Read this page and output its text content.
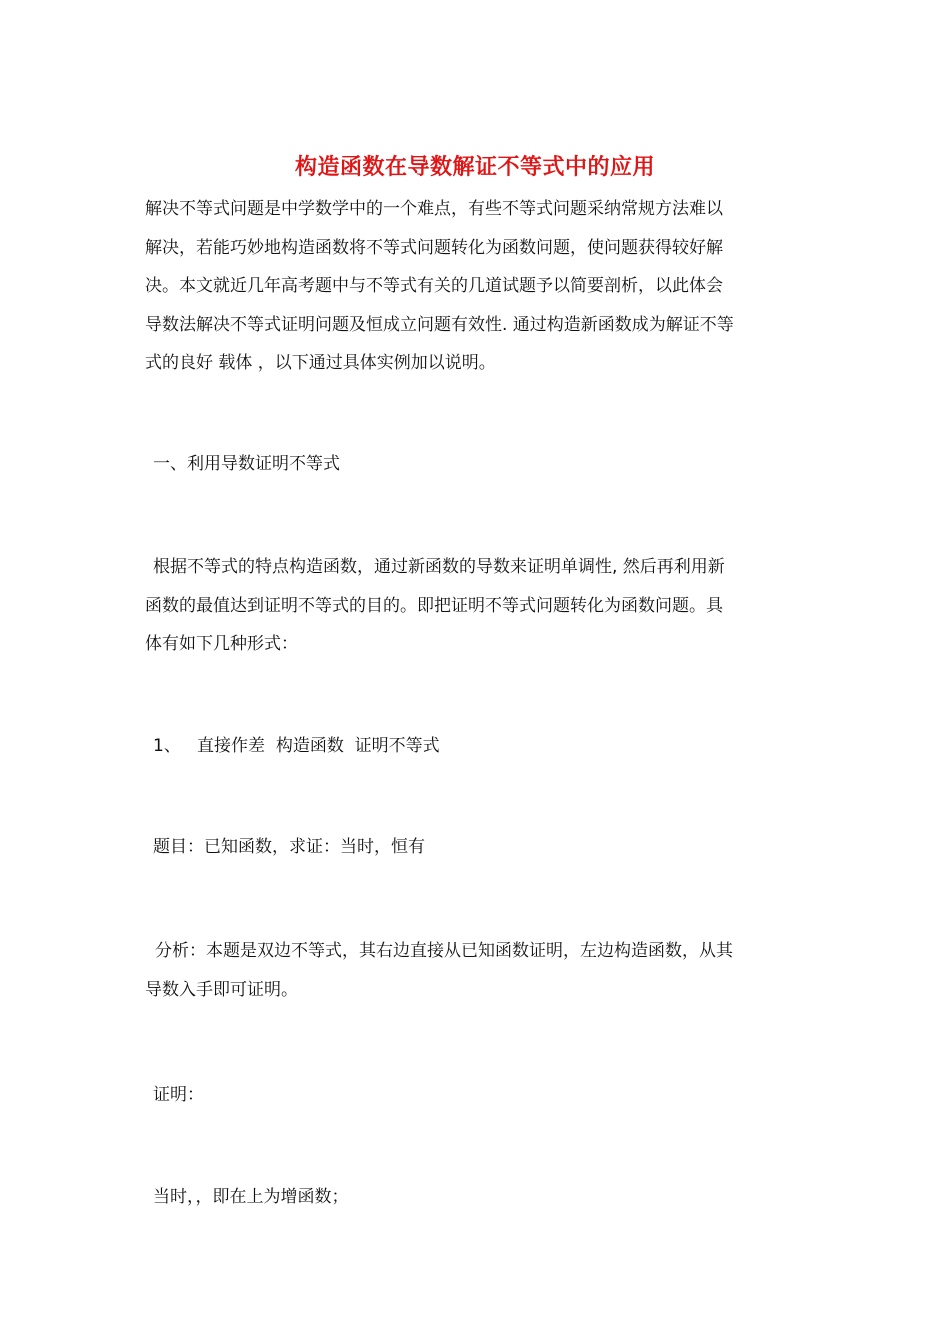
构造函数在导数解证不等式中的应用
解决不等式问题是中学数学中的一个难点，有些不等式问题采纳常规方法难以
解决，若能巧妙地构造函数将不等式问题转化为函数问题，使问题获得较好解
决。本文就近几年高考题中与不等式有关的几道试题予以简要剖析，以此体会
导数法解决不等式证明问题及恒成立问题有效性. 通过构造新函数成为解证不等
式的良好 载体 ，以下通过具体实例加以说明。
一、利用导数证明不等式
根据不等式的特点构造函数，通过新函数的导数来证明单调性, 然后再利用新
函数的最值达到证明不等式的目的。即把证明不等式问题转化为函数问题。具
体有如下几种形式：
1、   直接作差  构造函数  证明不等式
题目：已知函数，求证：当时，恒有
分析：本题是双边不等式，其右边直接从已知函数证明，左边构造函数，从其
导数入手即可证明。
证明：
当时，，即在上为增函数；
